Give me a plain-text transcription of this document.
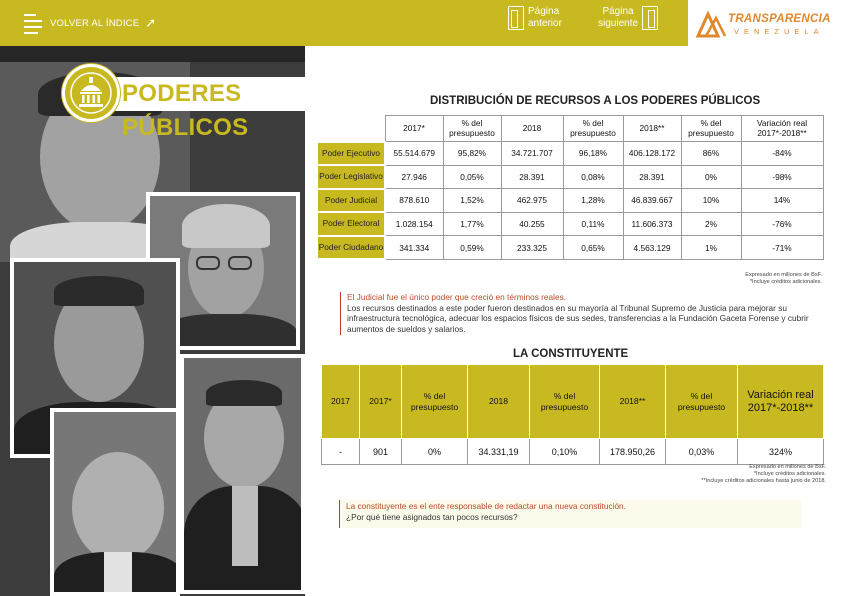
VOLVER AL ÍNDICE ➚
Página
anterior
Página
siguiente	TRANSPARENCIA
VENEZUELA
PODERES PÚBLICOS
DISTRIBUCIÓN DE RECURSOS A LOS PODERES PÚBLICOS
	2017*	% del presupuesto	2018	% del presupuesto	2018**	% del presupuesto	Variación real 2017*-2018**
Poder Ejecutivo	55.514.679	95,82%	34.721.707	96,18%	406.128.172	86%	-84%
Poder Legislativo	27.946	0,05%	28.391	0,08%	28.391	0%	-98%
Poder Judicial	878.610	1,52%	462.975	1,28%	46.839.667	10%	14%
Poder Electoral	1.028.154	1,77%	40.255	0,11%	11.606.373	2%	-76%
Poder Ciudadano	341.334	0,59%	233.325	0,65%	4.563.129	1%	-71%
Expresado en millones de BsF.
*Incluye créditos adicionales.
El Judicial fue el único poder que creció en términos reales.
Los recursos destinados a este poder fueron destinados en su mayoría al Tribunal Supremo de Justicia para mejorar su infraestructura tecnológica, adecuar los espacios físicos de sus sedes, transferencias a la Fundación Gaceta Forense y cubrir aumentos de sueldos y salarios.
LA CONSTITUYENTE
2017	2017*	% del presupuesto	2018	% del presupuesto	2018**	% del presupuesto	Variación real 2017*-2018**
-	901	0%	34.331,19	0,10%	178.950,26	0,03%	324%
Expresado en millones de BsF.
*Incluye créditos adicionales.
**Incluye créditos adicionales hasta junio de 2018.
La constituyente es el ente responsable de redactar una nueva constitución.
¿Por qué tiene asignados tan pocos recursos?
